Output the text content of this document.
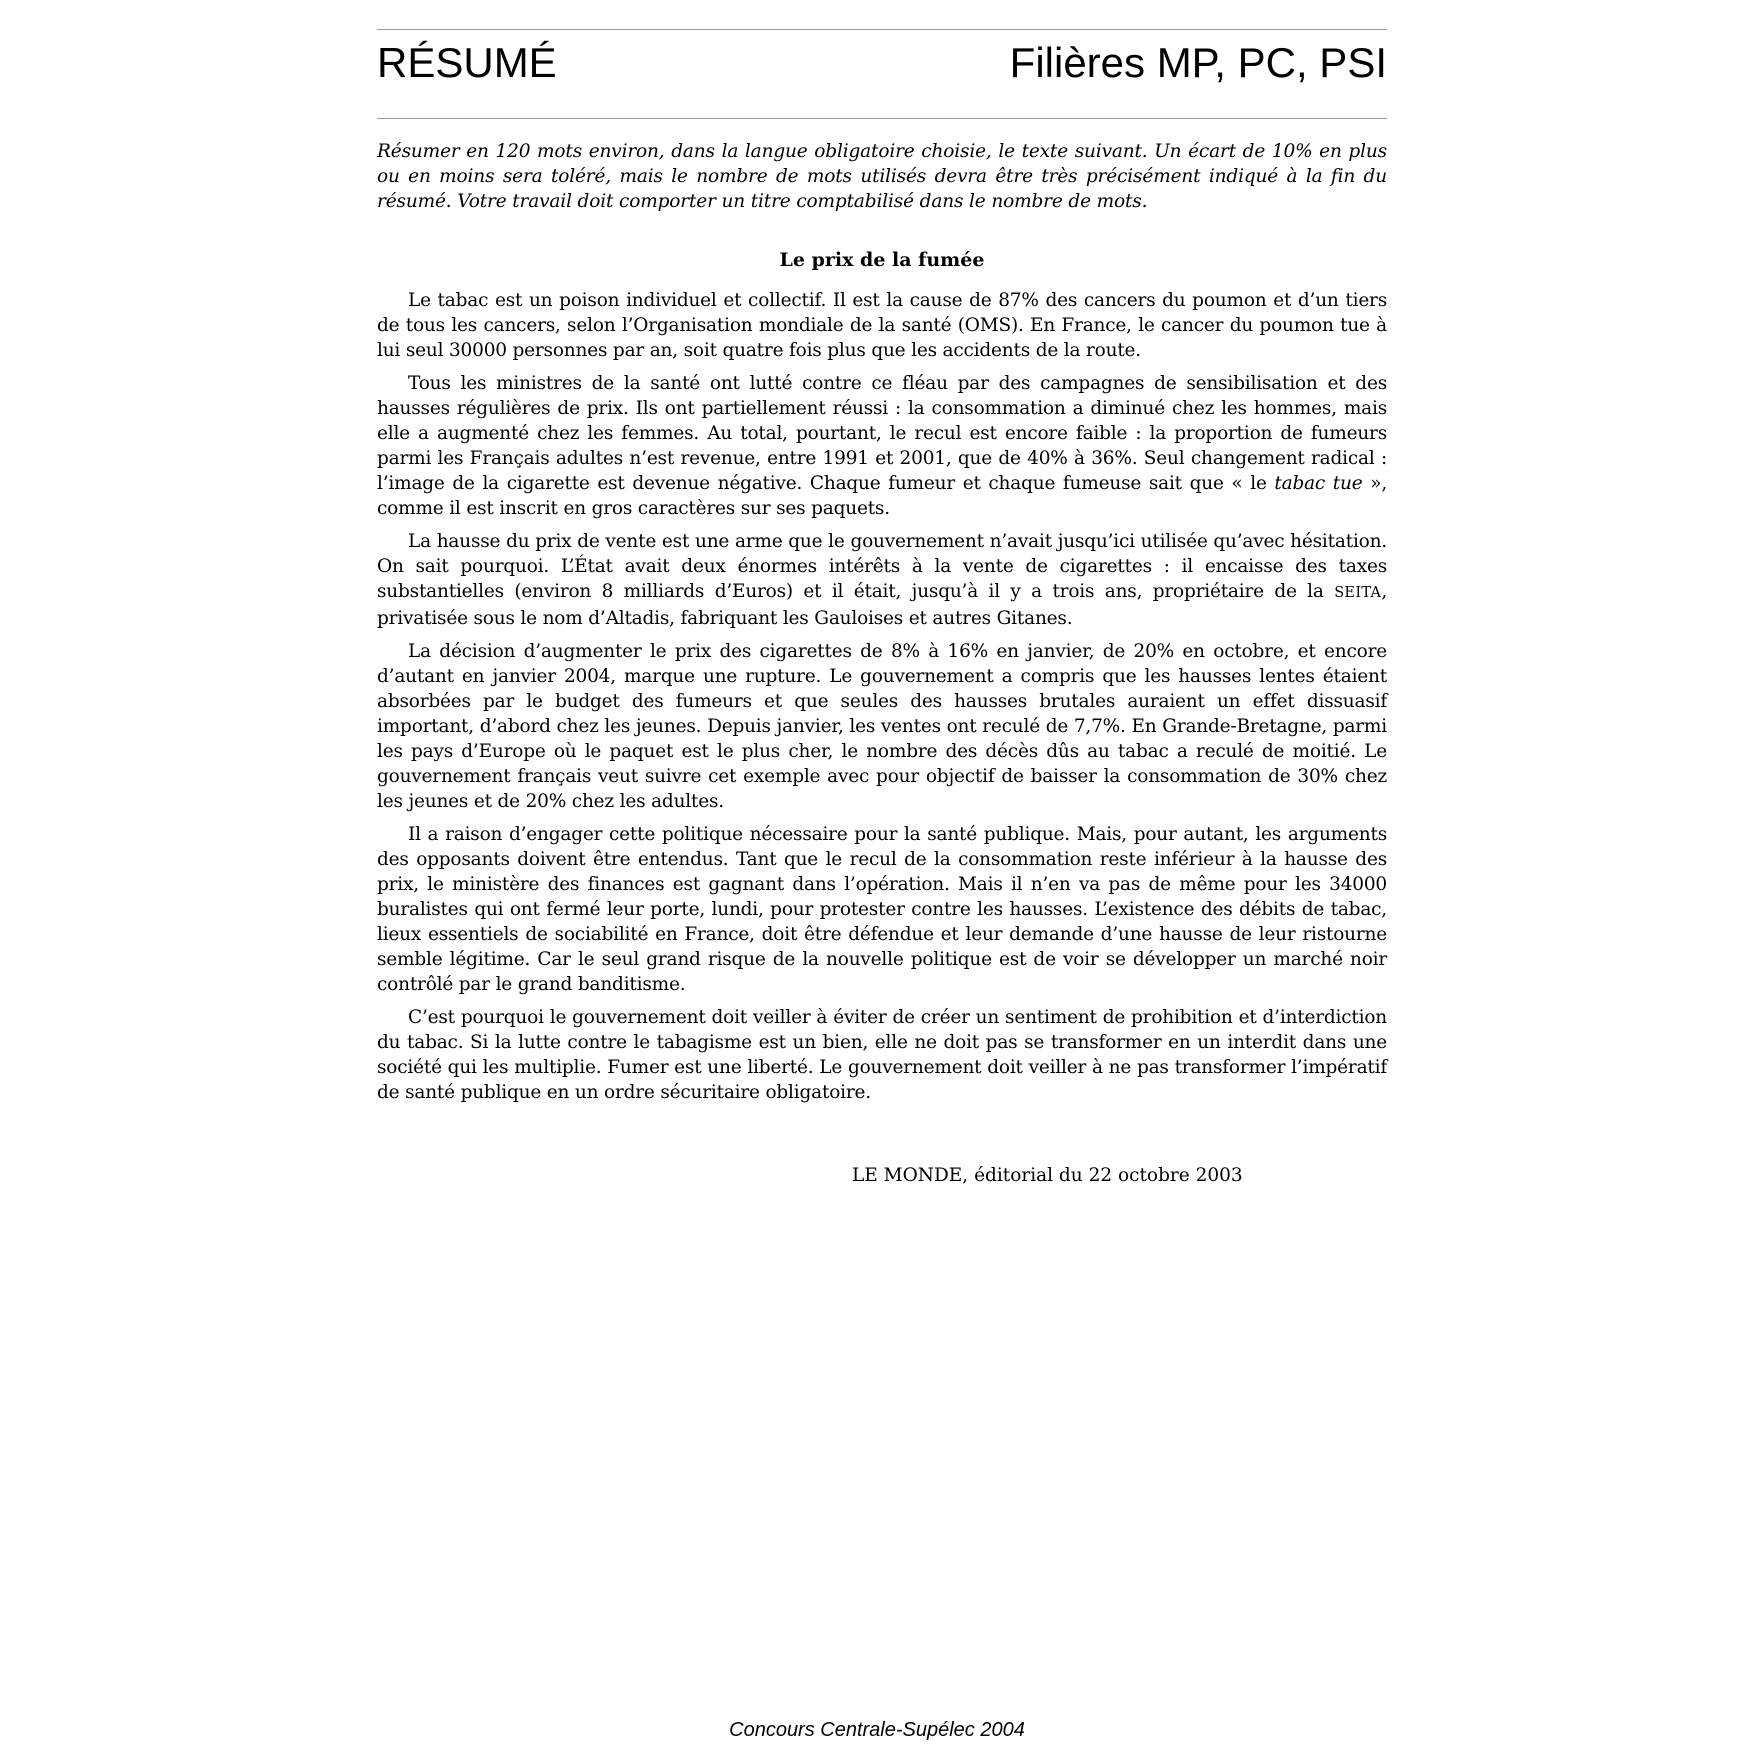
RÉSUMÉ	Filières MP, PC, PSI
Résumer en 120 mots environ, dans la langue obligatoire choisie, le texte suivant. Un écart de 10% en plus ou en moins sera toléré, mais le nombre de mots utilisés devra être très précisément indiqué à la fin du résumé. Votre travail doit comporter un titre comptabilisé dans le nombre de mots.
Le prix de la fumée

Le tabac est un poison individuel et collectif. Il est la cause de 87% des cancers du poumon et d’un tiers de tous les cancers, selon l’Organisation mondiale de la santé (OMS). En France, le cancer du poumon tue à lui seul 30000 personnes par an, soit quatre fois plus que les accidents de la route.

Tous les ministres de la santé ont lutté contre ce fléau par des campagnes de sensibilisation et des hausses régulières de prix. Ils ont partiellement réussi : la consommation a diminué chez les hommes, mais elle a augmenté chez les femmes. Au total, pourtant, le recul est encore faible : la proportion de fumeurs parmi les Français adultes n’est revenue, entre 1991 et 2001, que de 40% à 36%. Seul changement radical : l’image de la cigarette est devenue négative. Chaque fumeur et chaque fumeuse sait que « le tabac tue », comme il est inscrit en gros caractères sur ses paquets.

La hausse du prix de vente est une arme que le gouvernement n’avait jusqu’ici utilisée qu’avec hésitation. On sait pourquoi. L’État avait deux énormes intérêts à la vente de cigarettes : il encaisse des taxes substantielles (environ 8 milliards d’Euros) et il était, jusqu’à il y a trois ans, propriétaire de la SEITA, privatisée sous le nom d’Altadis, fabriquant les Gauloises et autres Gitanes.

La décision d’augmenter le prix des cigarettes de 8% à 16% en janvier, de 20% en octobre, et encore d’autant en janvier 2004, marque une rupture. Le gouvernement a compris que les hausses lentes étaient absorbées par le budget des fumeurs et que seules des hausses brutales auraient un effet dissuasif important, d’abord chez les jeunes. Depuis janvier, les ventes ont reculé de 7,7%. En Grande-Bretagne, parmi les pays d’Europe où le paquet est le plus cher, le nombre des décès dûs au tabac a reculé de moitié. Le gouvernement français veut suivre cet exemple avec pour objectif de baisser la consommation de 30% chez les jeunes et de 20% chez les adultes.

Il a raison d’engager cette politique nécessaire pour la santé publique. Mais, pour autant, les arguments des opposants doivent être entendus. Tant que le recul de la consommation reste inférieur à la hausse des prix, le ministère des finances est gagnant dans l’opération. Mais il n’en va pas de même pour les 34000 buralistes qui ont fermé leur porte, lundi, pour protester contre les hausses. L’existence des débits de tabac, lieux essentiels de sociabilité en France, doit être défendue et leur demande d’une hausse de leur ristourne semble légitime. Car le seul grand risque de la nouvelle politique est de voir se développer un marché noir contrôlé par le grand banditisme.

C’est pourquoi le gouvernement doit veiller à éviter de créer un sentiment de prohibition et d’interdiction du tabac. Si la lutte contre le tabagisme est un bien, elle ne doit pas se transformer en un interdit dans une société qui les multiplie. Fumer est une liberté. Le gouvernement doit veiller à ne pas transformer l’impératif de santé publique en un ordre sécuritaire obligatoire.

LE MONDE, éditorial du 22 octobre 2003
Concours Centrale-Supélec 2004
